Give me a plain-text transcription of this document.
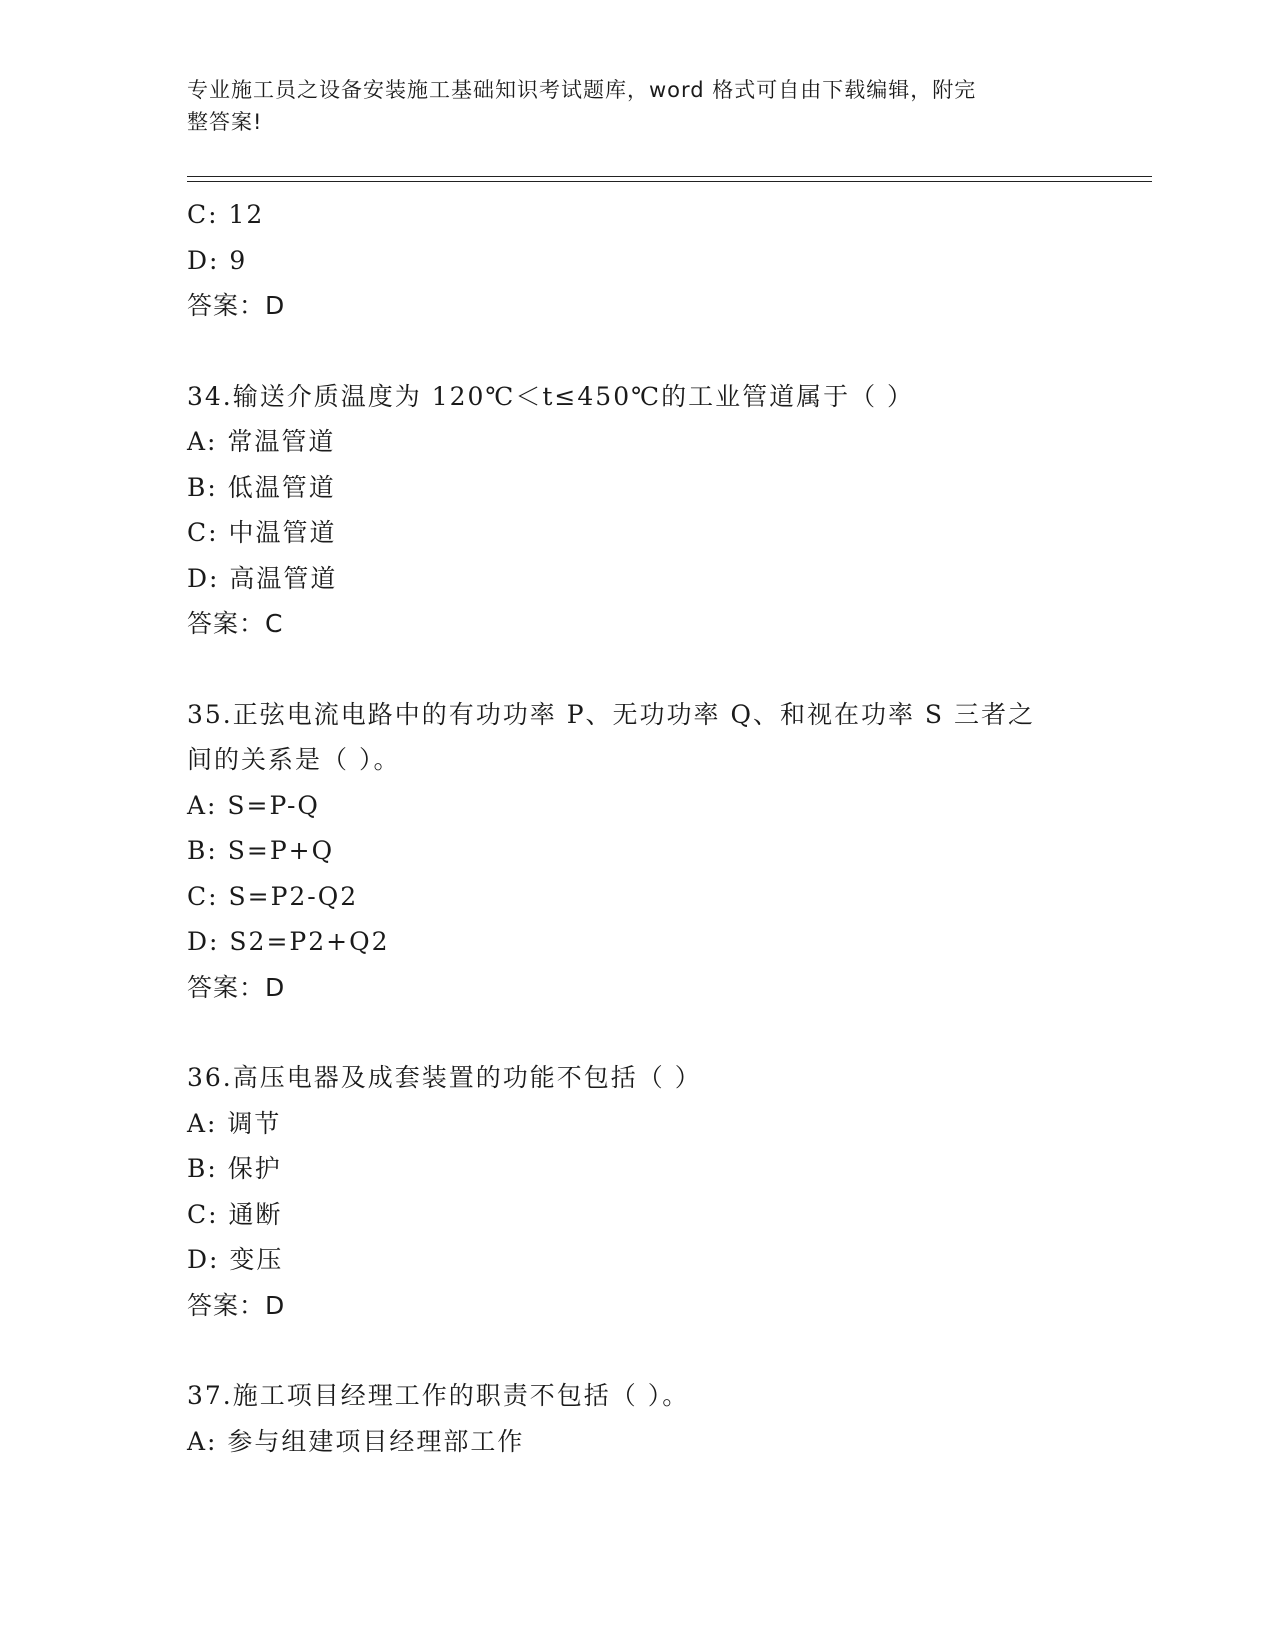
专业施工员之设备安装施工基础知识考试题库，word 格式可自由下载编辑，附完
整答案!
C: 12
D: 9
答案：D
34.输送介质温度为 120℃＜t≤450℃的工业管道属于（ ）
A: 常温管道
B: 低温管道
C: 中温管道
D: 高温管道
答案：C
35.正弦电流电路中的有功功率 P、无功功率 Q、和视在功率 S 三者之
间的关系是（ ）。
A: S=P-Q
B: S=P+Q
C: S=P2-Q2
D: S2=P2+Q2
答案：D
36.高压电器及成套装置的功能不包括（ ）
A: 调节
B: 保护
C: 通断
D: 变压
答案：D
37.施工项目经理工作的职责不包括（ ）。
A: 参与组建项目经理部工作
